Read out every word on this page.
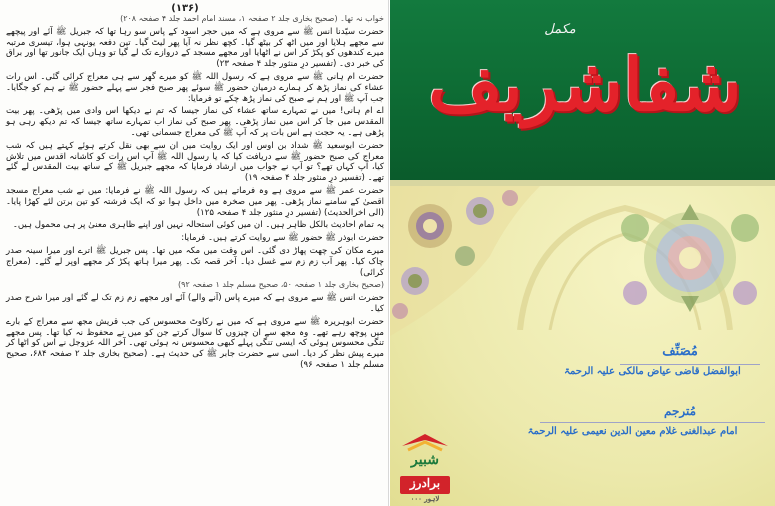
(۱۳۶)

خواب نہ تھا۔ (صحیح بخاری جلد ۲ صفحہ ۱، مسند امام احمد جلد ۴ صفحہ ۲۰۸)

حضرت سیّدنا انس ﷺ سے مروی ہے کہ میں حجر اسود کے پاس سو رہا تھا کہ جبریل ﷺ آئے اور پیچھے سے مجھے ہلایا اور میں اٹھ کر بیٹھ گیا۔ کچھ نظر نہ آیا پھر لیٹ گیا۔ تین دفعہ یونہی ہوا، تیسری مرتبہ میرے کندھوں کو پکڑ کر اس نے اٹھایا اور مجھے مسجد کے دروازے تک لے گیا تو وہاں ایک جانور تھا اور براق کی خبر دی۔ (تفسیر درِ منثور جلد ۴ صفحہ ۲۳)

حضرت ام ہانی ﷺ سے مروی ہے کہ رسول اللہ ﷺ کو میرے گھر سے ہی معراج کرائی گئی۔ اس رات عشاء کی نماز پڑھ کر ہمارے درمیان حضور ﷺ سوئے پھر صبح فجر سے پہلے حضور ﷺ نے ہم کو جگایا۔ جب آپ ﷺ اور ہم نے صبح کی نماز پڑھ چکے تو فرمایا:

اے ام ہانی! میں نے تمہارے ساتھ عشاء کی نماز جیسا کہ تم نے دیکھا اس وادی میں پڑھی۔ پھر بیت المقدس میں جا کر اس میں نماز پڑھی۔ پھر صبح کی نماز اب تمہارے ساتھ جیسا کہ تم دیکھ رہی ہو پڑھی ہے۔ یہ حجت ہے اس بات پر کہ آپ ﷺ کی معراج جسمانی تھی۔

حضرت ابوسعید ﷺ شداد بن اوس اور ایک روایت میں ان سے بھی نقل کرتے ہوئے کہتے ہیں کہ شب معراج کی صبح حضور ﷺ سے دریافت کیا کہ یا رسول اللہ ﷺ آپ اس رات کو کاشانہ اقدس میں تلاش کیا، آپ کہاں تھے؟ تو آپ نے جواب میں ارشاد فرمایا کہ مجھے جبریل ﷺ کے ساتھ بیت المقدس لے گئے تھے۔ (تفسیر درِ منثور جلد ۴ صفحہ ۱۹)

حضرت عمر ﷺ سے مروی ہے وہ فرماتے ہیں کہ رسول اللہ ﷺ نے فرمایا: میں نے شب معراج مسجد اقصیٰ کے سامنے نماز پڑھی۔ پھر میں صخرہ میں داخل ہوا تو کہ ایک فرشتہ کو تین برتن لئے کھڑا پایا۔ (الی اخرالحدیث) (تفسیر درِ منثور جلد ۴ صفحہ ۱۲۵)

یہ تمام احادیث بالکل ظاہر ہیں۔ ان میں کوئی استحالہ نہیں اور اپنے ظاہری معنیٰ پر ہی محمول ہیں۔

حضرت ابوذر ﷺ حضور ﷺ سے روایت کرتے ہیں۔ فرمایا:

میرے مکان کی چھت پھاڑ دی گئی۔ اس وقت میں مکہ میں تھا۔ پس جبریل ﷺ اترے اور میرا سینہ صدر چاک کیا۔ پھر آب زم زم سے غسل دیا۔ آخر قصہ تک۔ پھر میرا ہاتھ پکڑ کر مجھے اوپر لے گئے۔ (معراج کرائی)

(صحیح بخاری جلد ۱ صفحہ ۵۰، صحیح مسلم جلد ۱ صفحہ ۹۲)

حضرت انس ﷺ سے مروی ہے کہ میرے پاس (آنے والے) آئے اور مجھے زم زم تک لے گئے اور میرا شرح صدر کیا۔

حضرت ابوہریرہ ﷺ سے مروی ہے کہ میں نے رکاوٹ محسوس کی جب قریش مجھ سے معراج کے بارے میں پوچھ رہے تھے۔ وہ مجھ سے ان چیزوں کا سوال کرتے جن کو میں نے محفوظ نہ کیا تھا۔ پس مجھے تنگی محسوس ہوئی کہ ایسی تنگی پہلے کبھی محسوس نہ ہوئی تھی۔ آخر اللہ عزوجل نے اس کو اٹھا کر میرے پیش نظر کر دیا۔ اسی سے حضرت جابر ﷺ کی حدیث ہے۔ (صحیح بخاری جلد ۲ صفحہ ۶۸۴، صحیح مسلم جلد ۱ صفحہ ۹۶)

مکمل
شفاشریف
مُصَنِّف
ابوالفضل قاضی عیاض مالکی علیہ الرحمۃ
مُترجم
امام عبدالغنی غلام معین الدین نعیمی علیہ الرحمۃ
شبیر
برادرز
لاہور ۰۰۰
